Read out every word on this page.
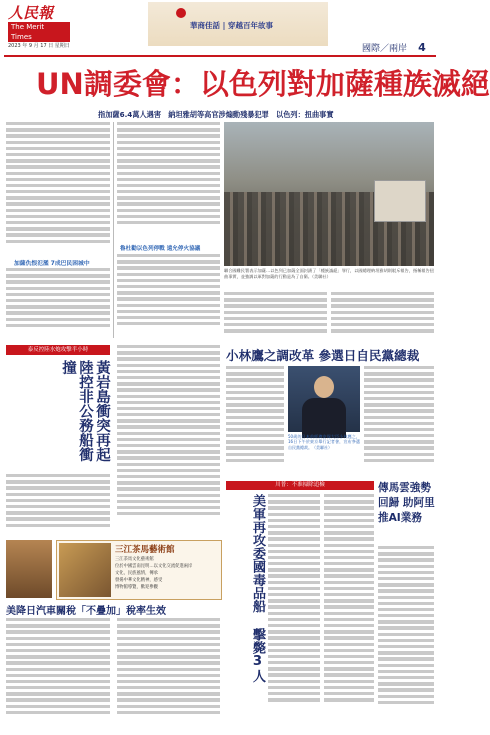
人民報
The Merit Times
華商佳話 | 穿越百年故事
2023 年 9 月 17 日 星期日	國際／兩岸 4
UN調委會：以色列對加薩種族滅絕
指加薩6.4萬人遇害　納坦雅胡等高官涉煽動殘暴犯罪　以色列：扭曲事實
加薩仇恨氾濫 7成巴民困城中
魯杜勸以色列停戰 遠允停火協議
聯合國難民署表示加薩…以色列已加薩全面封鎖了「種族滅絕」罪行，以國總理納坦雅胡則駁斥報告，指稱報告扭曲事實，並強調以軍對加薩的行動是為了自衛。（美聯社）
泰反控陸水炮攻擊半小時
黃岩島衝突再起 陸控非公務船衝撞
三江茶馬藝術館
三江茶馬文化藝術館
位於中國雲南昆明…以文化交流促進兩岸
文化，民族風情，傳承
發揚中華文化精神，感受
博物館導覽，歡迎參觀
美降日汽車關稅「不疊加」稅率生效
小林鷹之調改革 參選日自民黨總裁
50歲的日本前經濟安保大臣小林鷹之，16日下午於東京舉行記者會，宣布參選自民黨總裁。（美聯社）
川普：不准掃除追檢
美軍再攻委國毒品船 擊斃3人
傳馬雲強勢回歸 助阿里推AI業務
